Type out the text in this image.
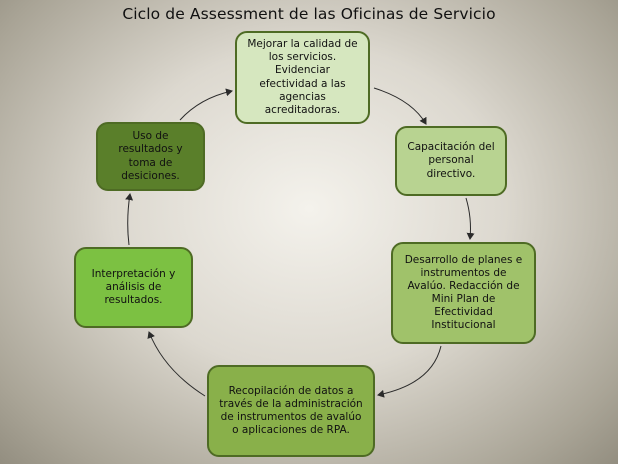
Ciclo de Assessment de las Oficinas de Servicio
Mejorar la calidad de
los servicios.
Evidenciar
efectividad a las
agencias
acreditadoras.
Capacitación del
personal
directivo.
Desarrollo de planes e
instrumentos de
Avalúo. Redacción de
Mini Plan de
Efectividad
Institucional
Recopilación de datos a
través de la administración
de instrumentos de avalúo
o aplicaciones de RPA.
Interpretación y
análisis de
resultados.
Uso de
resultados y
toma de
desiciones.
